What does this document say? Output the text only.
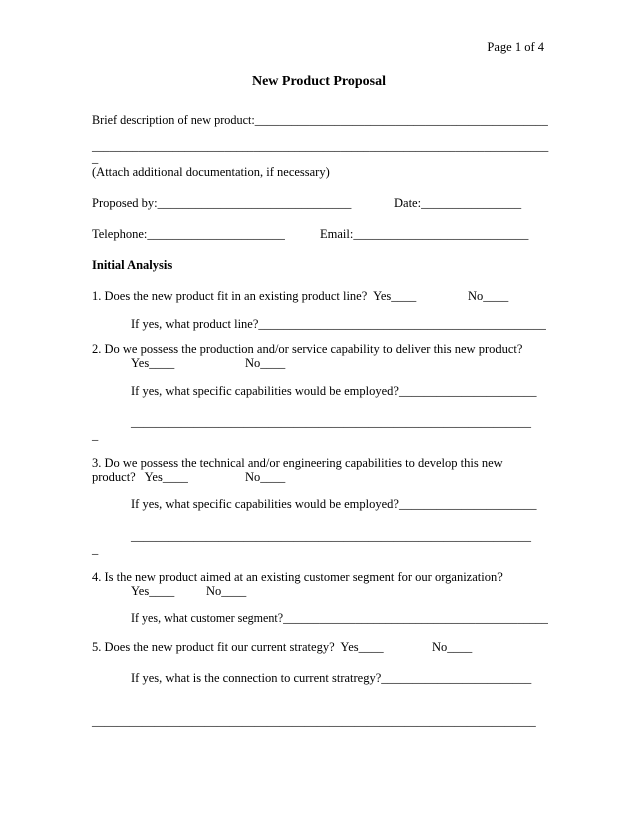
Page 1 of 4
New Product Proposal
Brief description of new product:________________________________________________
_______________________________________________________________________________
_
(Attach additional documentation, if necessary)
Proposed by:_______________________________	Date:________________
Telephone:______________________	Email:____________________________
Initial Analysis
1. Does the new product fit in an existing product line?  Yes____	No____
If yes, what product line?______________________________________________
2. Do we possess the production and/or service capability to deliver this new product?
Yes____	No____
If yes, what specific capabilities would be employed?______________________
________________________________________________________________
_
3. Do we possess the technical and/or engineering capabilities to develop this new
product?   Yes____	No____
If yes, what specific capabilities would be employed?______________________
________________________________________________________________
_
4. Is the new product aimed at an existing customer segment for our organization?
Yes____	No____
If yes, what customer segment?____________________________________________
5. Does the new product fit our current strategy?  Yes____	No____
If yes, what is the connection to current stratregy?________________________
_______________________________________________________________________
